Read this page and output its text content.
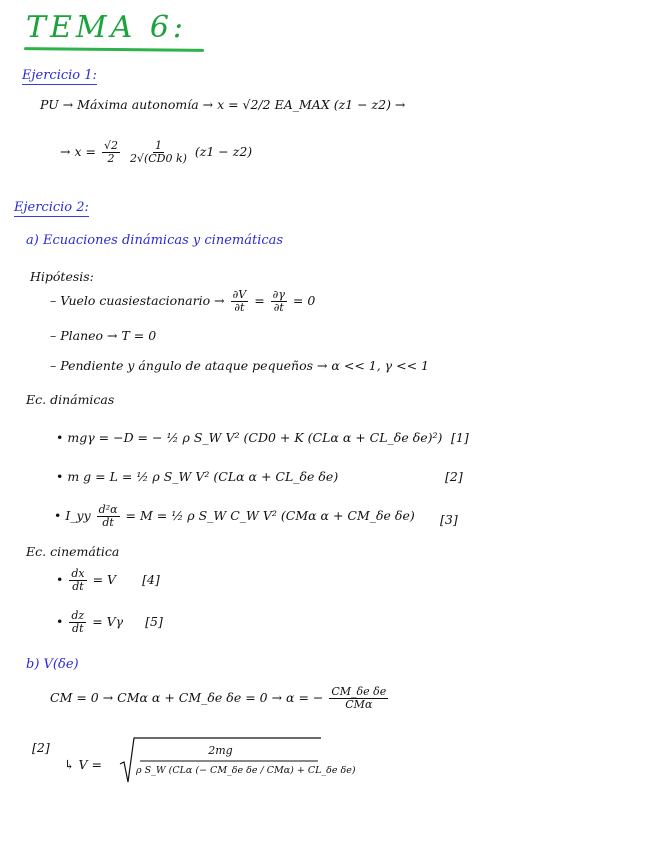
TEMA 6:
Ejercicio 1:
PU → Máxima autonomía → x = √2/2 EA_MAX (z1 − z2) →
→ $x = \frac{√2}{2}$
$\frac{1}{2√(CD0 k)} (z1 - z2)$
Ejercicio 2:
a) Ecuaciones dinámicas y cinemáticas
Hipótesis:
– Vuelo cuasiestacionario → $\frac{\partial V}{\partial t} = \frac{\partial\gamma}{\partial t} = 0$
– Planeo → T = 0
– Pendiente y ángulo de ataque pequeños → α << 1, γ << 1
Ec. dinámicas
• mgγ = −D = − ½ ρ S_W V² (CD0 + K (CLα α + CL_δe δe)²) [1]
• m g = L = ½ ρ S_W V² (CLα α + CL_δe δe)	[2]
• I_yy $\frac{\text{d²α}}{dt} = M$ = ½ ρ S_W C_W V² (CMα α + CM_δe δe) [3]
Ec. cinemática
• $\frac{dx}{dt} = V$ [4]
• $\frac{dz}{dt} = V\gamma$ [5]
b) V(δe)
CM = 0 → CMα α + CM_δe δe = 0 → α = − $\frac{\text{CM\_δe δe}}{\text{CMα}}$
[2]
↳ V =
2mg
ρ S_W (CLα (− CM_δe δe / CMα) + CL_δe δe)
